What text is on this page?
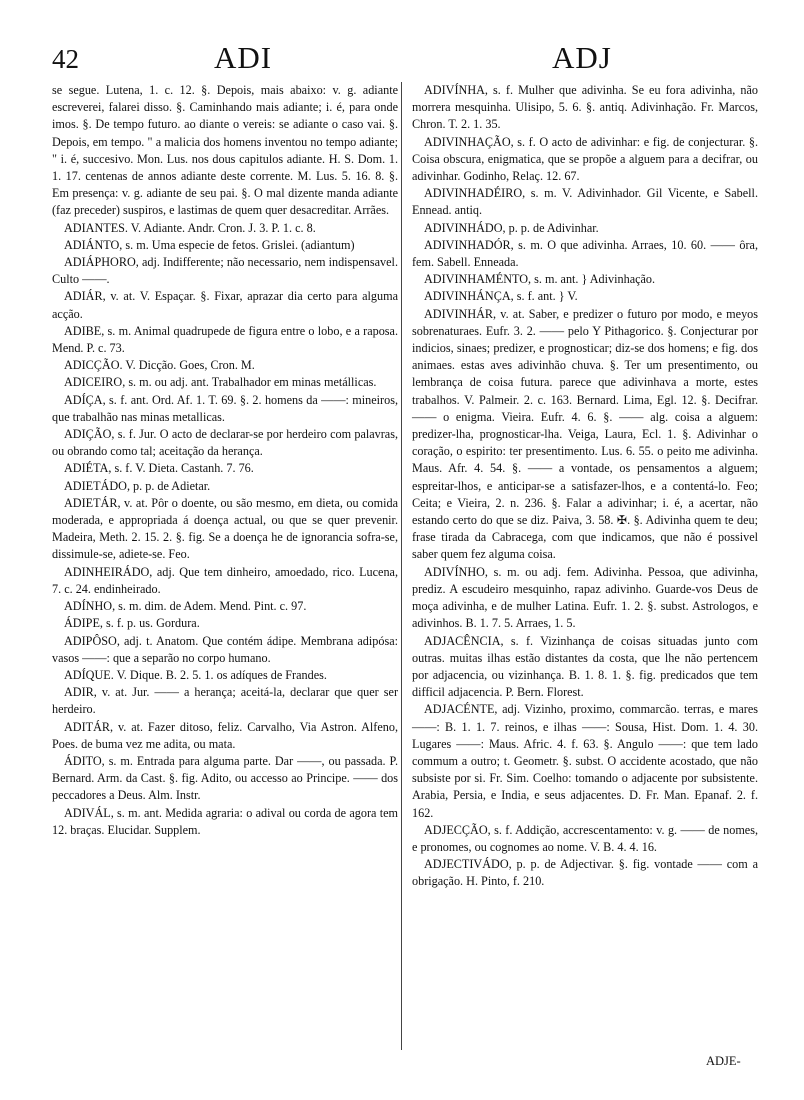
42	ADI	ADJ

se segue. Lutena, 1. c. 12. §. Depois, mais abaixo: v. g. adiante escreverei, falarei disso. §. Caminhando mais adiante; i. é, para onde imos. §. De tempo futuro. ao diante o vereis: se adiante o caso vai. §. Depois, em tempo. " a malicia dos homens inventou no tempo adiante; " i. é, succesivo. Mon. Lus. nos dous capitulos adiante. H. S. Dom. 1. 1. 17. centenas de annos adiante deste corrente. M. Lus. 5. 16. 8. §. Em presença: v. g. adiante de seu pai. §. O mal dizente manda adiante (faz preceder) suspiros, e lastimas de quem quer desacreditar. Arrães.

ADIANTES. V. Adiante. Andr. Cron. J. 3. P. 1. c. 8.

ADIÁNTO, s. m. Uma especie de fetos. Grislei. (adiantum)

ADIÁPHORO, adj. Indifferente; não necessario, nem indispensavel. Culto ——.

ADIÁR, v. at. V. Espaçar. §. Fixar, aprazar dia certo para alguma acção.

ADIBE, s. m. Animal quadrupede de figura entre o lobo, e a raposa. Mend. P. c. 73.

ADICÇÃO. V. Dicção. Goes, Cron. M.

ADICEIRO, s. m. ou adj. ant. Trabalhador em minas metállicas.

ADÍÇA, s. f. ant. Ord. Af. 1. T. 69. §. 2. homens da ——: mineiros, que trabalhão nas minas metallicas.

ADIÇÃO, s. f. Jur. O acto de declarar-se por herdeiro com palavras, ou obrando como tal; aceitação da herança.

ADIÉTA, s. f. V. Dieta. Castanh. 7. 76.

ADIETÁDO, p. p. de Adietar.

ADIETÁR, v. at. Pôr o doente, ou são mesmo, em dieta, ou comida moderada, e appropriada á doença actual, ou que se quer prevenir. Madeira, Meth. 2. 15. 2. §. fig. Se a doença he de ignorancia sofra-se, dissimule-se, adiete-se. Feo.

ADINHEIRÁDO, adj. Que tem dinheiro, amoedado, rico. Lucena, 7. c. 24. endinheirado.

ADÍNHO, s. m. dim. de Adem. Mend. Pint. c. 97.

ÁDIPE, s. f. p. us. Gordura.

ADIPÔSO, adj. t. Anatom. Que contém ádipe. Membrana adipósa: vasos ——: que a separão no corpo humano.

ADÍQUE. V. Dique. B. 2. 5. 1. os adíques de Frandes.

ADIR, v. at. Jur. —— a herança; aceitá-la, declarar que quer ser herdeiro.

ADITÁR, v. at. Fazer ditoso, feliz. Carvalho, Via Astron. Alfeno, Poes. de buma vez me adita, ou mata.

ÁDITO, s. m. Entrada para alguma parte. Dar ——, ou passada. P. Bernard. Arm. da Cast. §. fig. Adito, ou accesso ao Principe. —— dos peccadores a Deus. Alm. Instr.

ADIVÁL, s. m. ant. Medida agraria: o adival ou corda de agora tem 12. braças. Elucidar. Supplem.

ADIVÍNHA, s. f. Mulher que adivinha. Se eu fora adivinha, não morrera mesquinha. Ulisipo, 5. 6. §. antiq. Adivinhação. Fr. Marcos, Chron. T. 2. 1. 35.

ADIVINHAÇÃO, s. f. O acto de adivinhar: e fig. de conjecturar. §. Coisa obscura, enigmatica, que se propõe a alguem para a decifrar, ou adivinhar. Godinho, Relaç. 12. 67.

ADIVINHADÉIRO, s. m. V. Adivinhador. Gil Vicente, e Sabell. Ennead. antiq.

ADIVINHÁDO, p. p. de Adivinhar.

ADIVINHADÓR, s. m. O que adivinha. Arraes, 10. 60. —— ôra, fem. Sabell. Enneada.

ADIVINHAMÉNTO, s. m. ant. } Adivinhação.

ADIVINHÁNÇA, s. f. ant. } V.

ADIVINHÁR, v. at. Saber, e predizer o futuro por modo, e meyos sobrenaturaes. Eufr. 3. 2. —— pelo Y Pithagorico. §. Conjecturar por indicios, sinaes; predizer, e prognosticar; diz-se dos homens; e fig. dos animaes. estas aves adivinhão chuva. §. Ter um presentimento, ou lembrança de coisa futura. parece que adivinhava a morte, estes trabalhos. V. Palmeir. 2. c. 163. Bernard. Lima, Egl. 12. §. Decifrar. —— o enigma. Vieira. Eufr. 4. 6. §. —— alg. coisa a alguem: predizer-lha, prognosticar-lha. Veiga, Laura, Ecl. 1. §. Adivinhar o coração, o espirito: ter presentimento. Lus. 6. 55. o peito me adivinha. Maus. Afr. 4. 54. §. —— a vontade, os pensamentos a alguem; espreitar-lhos, e anticipar-se a satisfazer-lhos, e a contentá-lo. Feo; Ceita; e Vieira, 2. n. 236. §. Falar a adivinhar; i. é, a acertar, não estando certo do que se diz. Paiva, 3. 58. ✠. §. Adivinha quem te deu; frase tirada da Cabracega, com que indicamos, que não é possivel saber quem fez alguma coisa.

ADIVÍNHO, s. m. ou adj. fem. Adivinha. Pessoa, que adivinha, prediz. A escudeiro mesquinho, rapaz adivinho. Guarde-vos Deus de moça adivinha, e de mulher Latina. Eufr. 1. 2. §. subst. Astrologos, e adivinhos. B. 1. 7. 5. Arraes, 1. 5.

ADJACÊNCIA, s. f. Vizinhança de coisas situadas junto com outras. muitas ilhas estão distantes da costa, que lhe não pertencem por adjacencia, ou vizinhança. B. 1. 8. 1. §. fig. predicados que tem difficil adjacencia. P. Bern. Florest.

ADJACÉNTE, adj. Vizinho, proximo, commarcão. terras, e mares ——: B. 1. 1. 7. reinos, e ilhas ——: Sousa, Hist. Dom. 1. 4. 30. Lugares ——: Maus. Afric. 4. f. 63. §. Angulo ——: que tem lado commum a outro; t. Geometr. §. subst. O accidente acostado, que não subsiste por si. Fr. Sim. Coelho: tomando o adjacente por subsistente. Arabia, Persia, e India, e seus adjacentes. D. Fr. Man. Epanaf. 2. f. 162.

ADJECÇÃO, s. f. Addição, accrescentamento: v. g. —— de nomes, e pronomes, ou cognomes ao nome. V. B. 4. 4. 16.

ADJECTIVÁDO, p. p. de Adjectivar. §. fig. vontade —— com a obrigação. H. Pinto, f. 210.

ADJE-
